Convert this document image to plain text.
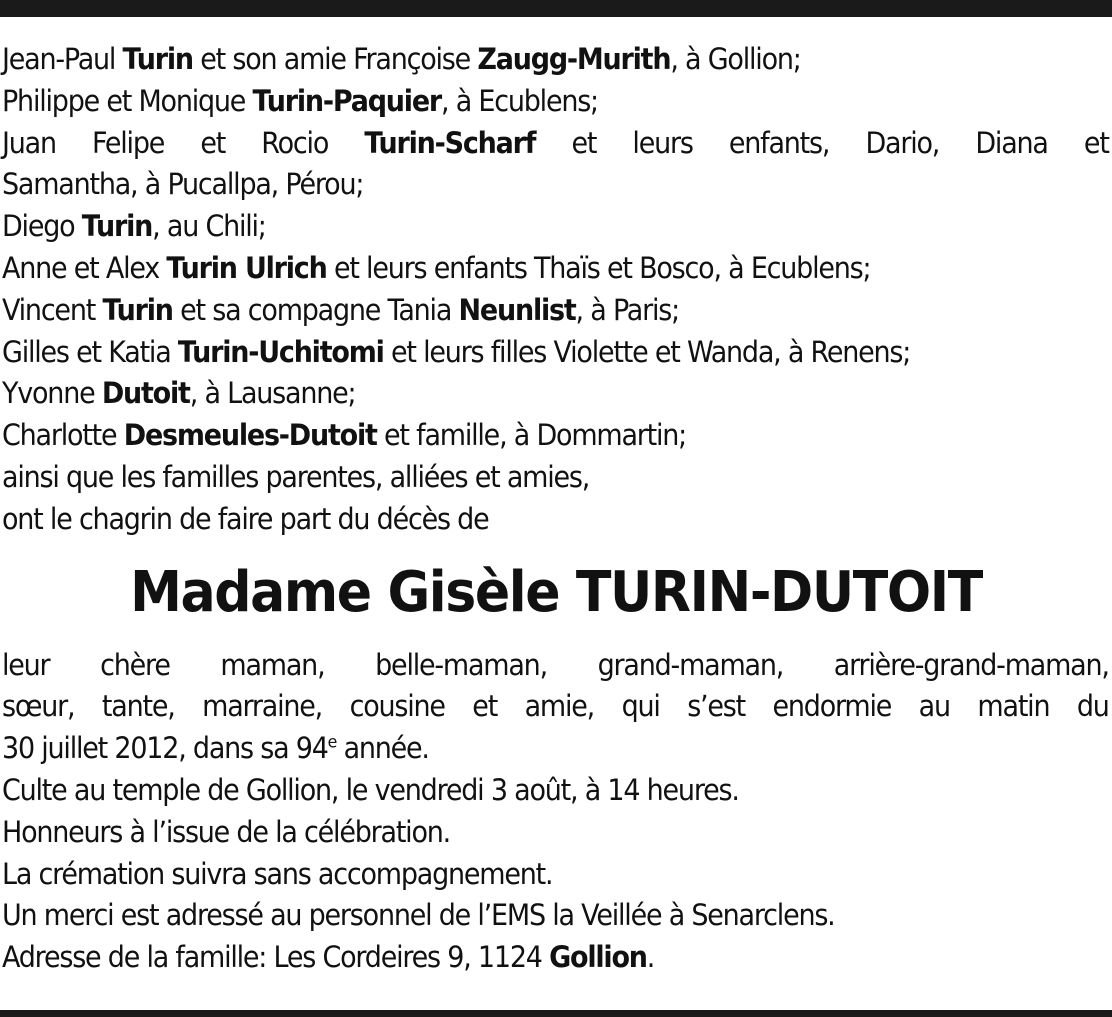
Jean-Paul Turin et son amie Françoise Zaugg-Murith, à Gollion;
Philippe et Monique Turin-Paquier, à Ecublens;
Juan Felipe et Rocio Turin-Scharf et leurs enfants, Dario, Diana et
Samantha, à Pucallpa, Pérou;
Diego Turin, au Chili;
Anne et Alex Turin Ulrich et leurs enfants Thaïs et Bosco, à Ecublens;
Vincent Turin et sa compagne Tania Neunlist, à Paris;
Gilles et Katia Turin-Uchitomi et leurs filles Violette et Wanda, à Renens;
Yvonne Dutoit, à Lausanne;
Charlotte Desmeules-Dutoit et famille, à Dommartin;
ainsi que les familles parentes, alliées et amies,
ont le chagrin de faire part du décès de
Madame Gisèle TURIN-DUTOIT
leur chère maman, belle-maman, grand-maman, arrière-grand-maman,
sœur, tante, marraine, cousine et amie, qui s’est endormie au matin du
30 juillet 2012, dans sa 94e année.
Culte au temple de Gollion, le vendredi 3 août, à 14 heures.
Honneurs à l’issue de la célébration.
La crémation suivra sans accompagnement.
Un merci est adressé au personnel de l’EMS la Veillée à Senarclens.
Adresse de la famille: Les Cordeires 9, 1124 Gollion.
